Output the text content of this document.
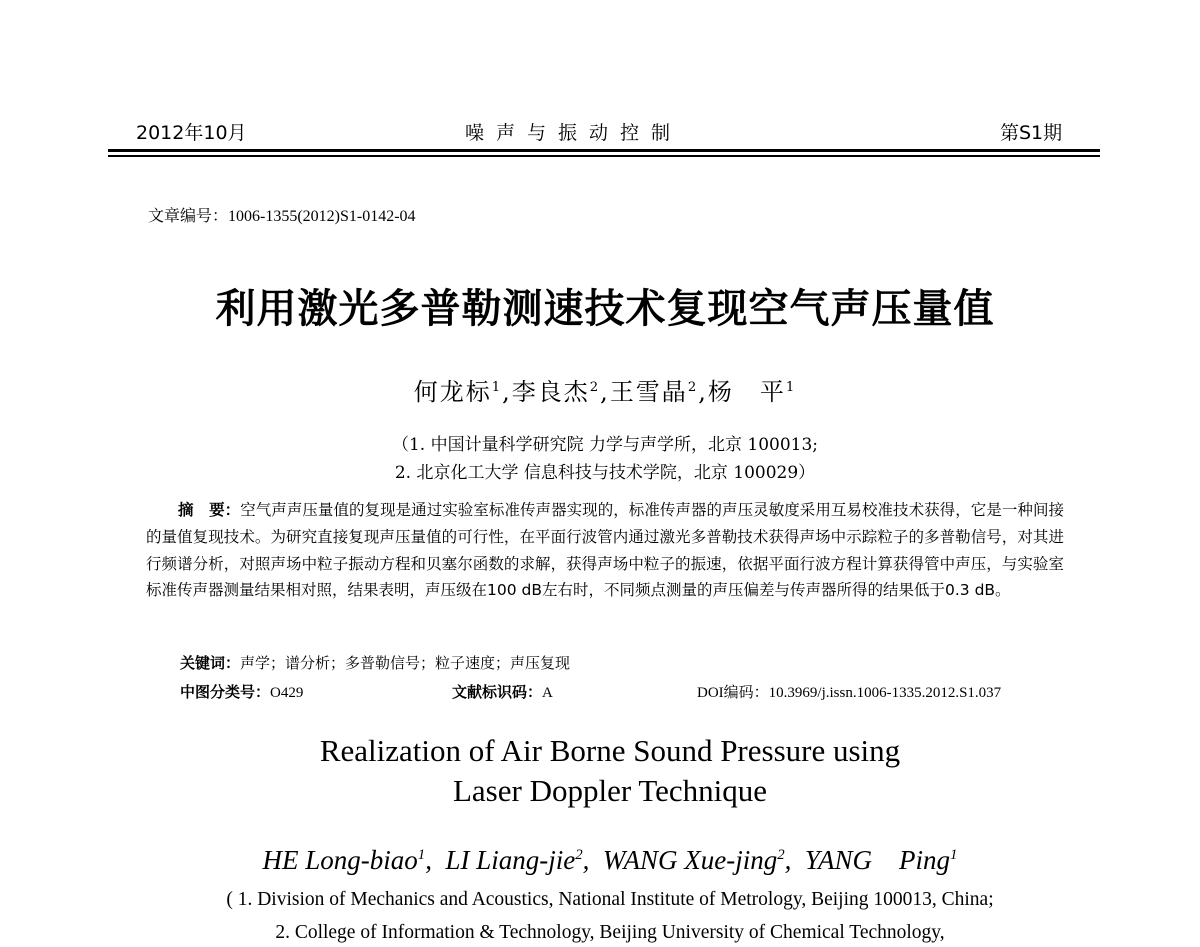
2012年10月	噪声与振动控制	第S1期
文章编号：1006-1355(2012)S1-0142-04
利用激光多普勒测速技术复现空气声压量值
何龙标$^1$,李良杰$^2$,王雪晶$^2$,杨　平$^1$
（1. 中国计量科学研究院 力学与声学所，北京 100013;
2. 北京化工大学 信息科技与技术学院，北京 100029）
摘　要：空气声声压量值的复现是通过实验室标准传声器实现的，标准传声器的声压灵敏度采用互易校准技术获得，它是一种间接的量值复现技术。为研究直接复现声压量值的可行性，在平面行波管内通过激光多普勒技术获得声场中示踪粒子的多普勒信号，对其进行频谱分析，对照声场中粒子振动方程和贝塞尔函数的求解，获得声场中粒子的振速，依据平面行波方程计算获得管中声压，与实验室标准传声器测量结果相对照，结果表明，声压级在100 dB左右时，不同频点测量的声压偏差与传声器所得的结果低于0.3 dB。
关键词：声学；谱分析；多普勒信号；粒子速度；声压复现
中图分类号：O429	文献标识码：A	DOI编码：10.3969/j.issn.1006-1335.2012.S1.037
Realization of Air Borne Sound Pressure using
Laser Doppler Technique
HE Long-biao$^1$,  LI Liang-jie$^2$,  WANG Xue-jing$^2$,  YANG　Ping$^1$
( 1. Division of Mechanics and Acoustics, National Institute of Metrology, Beijing 100013, China;
2. College of Information & Technology, Beijing University of Chemical Technology,
